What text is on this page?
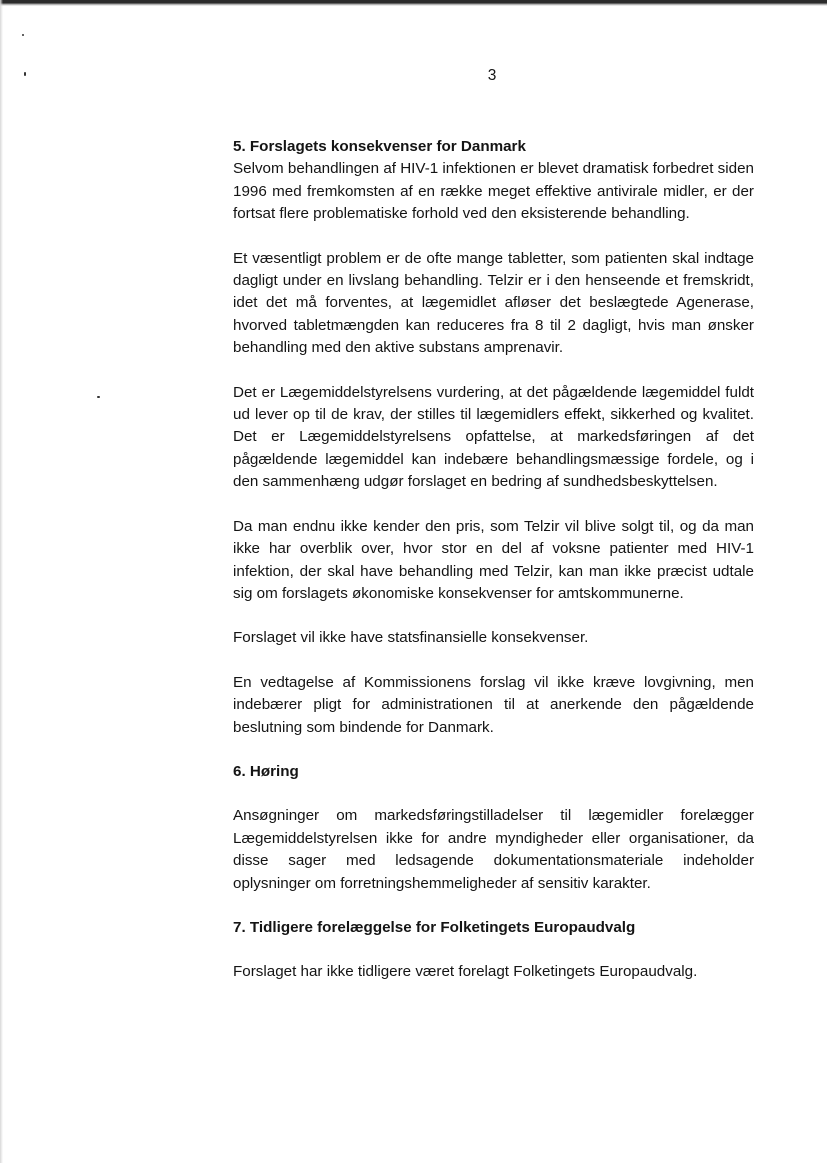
3
5. Forslagets konsekvenser for Danmark

Selvom behandlingen af HIV-1 infektionen er blevet dramatisk forbedret siden 1996 med fremkomsten af en række meget effektive antivirale midler, er der fortsat flere problematiske forhold ved den eksisterende behandling.

Et væsentligt problem er de ofte mange tabletter, som patienten skal indtage dagligt under en livslang behandling. Telzir er i den henseende et fremskridt, idet det må forventes, at lægemidlet afløser det beslægtede Agenerase, hvorved tabletmængden kan reduceres fra 8 til 2 dagligt, hvis man ønsker behandling med den aktive substans amprenavir.

Det er Lægemiddelstyrelsens vurdering, at det pågældende lægemiddel fuldt ud lever op til de krav, der stilles til lægemidlers effekt, sikkerhed og kvalitet. Det er Lægemiddelstyrelsens opfattelse, at markedsføringen af det pågældende lægemiddel kan indebære behandlingsmæssige fordele, og i den sammenhæng udgør forslaget en bedring af sundhedsbeskyttelsen.

Da man endnu ikke kender den pris, som Telzir vil blive solgt til, og da man ikke har overblik over, hvor stor en del af voksne patienter med HIV-1 infektion, der skal have behandling med Telzir, kan man ikke præcist udtale sig om forslagets økonomiske konsekvenser for amtskommunerne.

Forslaget vil ikke have statsfinansielle konsekvenser.

En vedtagelse af Kommissionens forslag vil ikke kræve lovgivning, men indebærer pligt for administrationen til at anerkende den pågældende beslutning som bindende for Danmark.

6. Høring

Ansøgninger om markedsføringstilladelser til lægemidler forelægger Lægemiddelstyrelsen ikke for andre myndigheder eller organisationer, da disse sager med ledsagende dokumentationsmateriale indeholder oplysninger om forretningshemmeligheder af sensitiv karakter.

7. Tidligere forelæggelse for Folketingets Europaudvalg

Forslaget har ikke tidligere været forelagt Folketingets Europaudvalg.
